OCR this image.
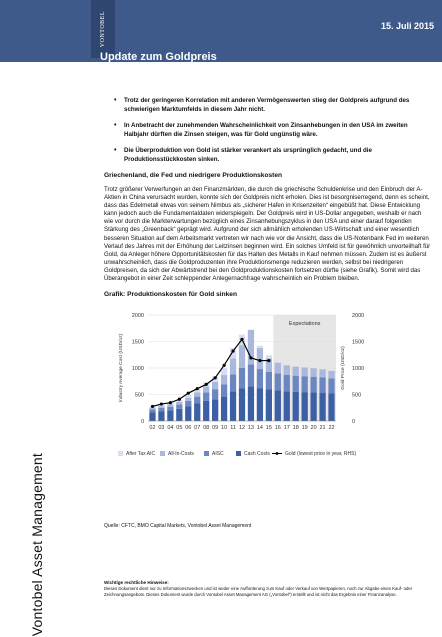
VONTOBEL	15. Juli 2015
Update zum Goldpreis
Vontobel Asset Management
• Trotz der geringeren Korrelation mit anderen Vermögenswerten stieg der Goldpreis aufgrund des schwierigen Marktumfelds in diesem Jahr nicht.
• In Anbetracht der zunehmenden Wahrscheinlichkeit von Zinsanhebungen in den USA im zweiten Halbjahr dürften die Zinsen steigen, was für Gold ungünstig wäre.
• Die Überproduktion von Gold ist stärker verankert als ursprünglich gedacht, und die Produktionsstückkosten sinken.
Griechenland, die Fed und niedrigere Produktionskosten

Trotz größerer Verwerfungen an den Finanzmärkten, die durch die griechische Schuldenkrise und den Einbruch der A-Aktien in China verursacht wurden, konnte sich der Goldpreis nicht erholen. Dies ist besorgniserregend, denn es scheint, dass das Edelmetall etwas von seinem Nimbus als „sicherer Hafen in Krisenzeiten“ eingebüßt hat. Diese Entwicklung kann jedoch auch die Fundamentaldaten widerspiegeln. Der Goldpreis wird in US-Dollar angegeben, weshalb er nach wie vor durch die Markterwartungen bezüglich eines Zinsanhebungszyklus in den USA und einer darauf folgenden Stärkung des „Greenback“ geprägt wird. Aufgrund der sich allmählich erholenden US-Wirtschaft und einer wesentlich besseren Situation auf dem Arbeitsmarkt vertreten wir nach wie vor die Ansicht, dass die US-Notenbank Fed im weiteren Verlauf des Jahres mit der Erhöhung der Leitzinsen beginnen wird. Ein solches Umfeld ist für gewöhnlich unvorteilhaft für Gold, da Anleger höhere Opportunitätskosten für das Halten des Metalls in Kauf nehmen müssen. Zudem ist es äußerst unwahrscheinlich, dass die Goldproduzenten ihre Produktionsmenge reduzieren werden, selbst bei niedrigeren Goldpreisen, da sich der Abwärtstrend bei den Goldproduktionskosten fortsetzen dürfte (siehe Grafik). Somit wird das Überangebot in einer Zeit schleppender Anlegernachfrage wahrscheinlich ein Problem bleiben.

Grafik: Produktionskosten für Gold sinken
Expectations
0	0
500	500
1000	1000
1500	1500
2000	2000
Industry Average Cost (USD/oz)	Gold Price (USD/oz)
02 03 04 05 06 07 08 09 10 11 12 13 14 15 16 17 18 19 20 21 22
After Tax AIC	All-In-Costs	AISC	Cash Costs	Gold (lowest price in year, RHS)
Quelle: CFTC, BMO Capital Markets, Vontobel Asset Management
Wichtige rechtliche Hinweise:
Dieses Dokument dient nur zu Informationszwecken und ist weder eine Aufforderung zum Kauf oder Verkauf von Wertpapieren, noch zur Abgabe eines Kauf- oder Zeichnungsangebots. Dieses Dokument wurde durch Vontobel Asset Management AG („Vontobel“) erstellt und ist nicht das Ergebnis einer Finanzanalyse.
